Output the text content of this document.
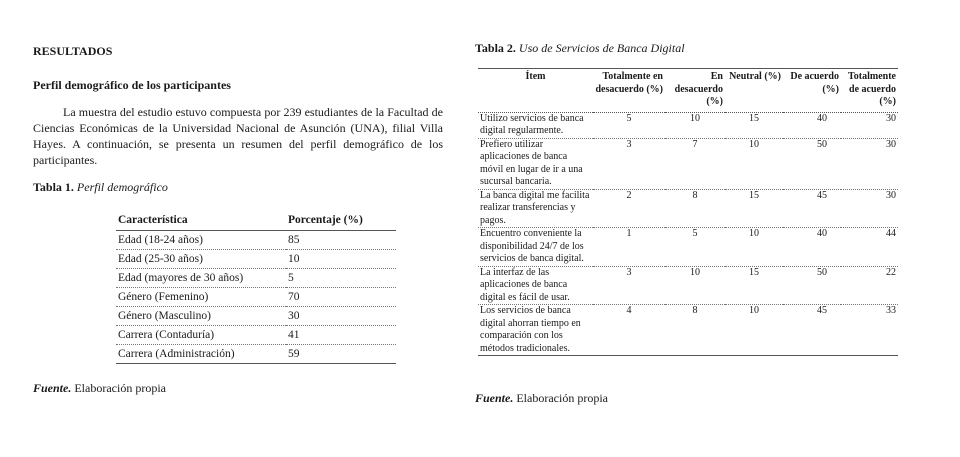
RESULTADOS
Perfil demográfico de los participantes
La muestra del estudio estuvo compuesta por 239 estudiantes de la Facultad de Ciencias Económicas de la Universidad Nacional de Asunción (UNA), filial Villa Hayes. A continuación, se presenta un resumen del perfil demográfico de los participantes.
Tabla 1. Perfil demográfico
Característica	Porcentaje (%)
Edad (18-24 años)	85
Edad (25-30 años)	10
Edad (mayores de 30 años)	5
Género (Femenino)	70
Género (Masculino)	30
Carrera (Contaduría)	41
Carrera (Administración)	59
Fuente. Elaboración propia
Tabla 2. Uso de Servicios de Banca Digital
Ítem	Totalmente en desacuerdo (%)	En desacuerdo (%)	Neutral (%)	De acuerdo (%)	Totalmente de acuerdo (%)
Utilizo servicios de banca digital regularmente.	5	10	15	40	30
Prefiero utilizar aplicaciones de banca móvil en lugar de ir a una sucursal bancaria.	3	7	10	50	30
La banca digital me facilita realizar transferencias y pagos.	2	8	15	45	30
Encuentro conveniente la disponibilidad 24/7 de los servicios de banca digital.	1	5	10	40	44
La interfaz de las aplicaciones de banca digital es fácil de usar.	3	10	15	50	22
Los servicios de banca digital ahorran tiempo en comparación con los métodos tradicionales.	4	8	10	45	33
Fuente. Elaboración propia
